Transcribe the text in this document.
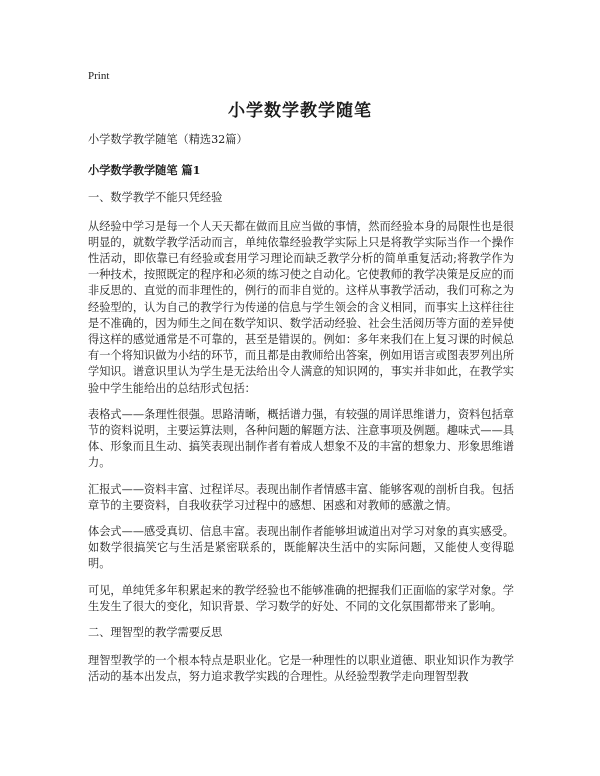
Print
小学数学教学随笔

小学数学教学随笔（精选32篇）

小学数学教学随笔 篇1

一、数学教学不能只凭经验

从经验中学习是每一个人天天都在做而且应当做的事情，然而经验本身的局限性也是很明显的，就数学教学活动而言，单纯依靠经验教学实际上只是将教学实际当作一个操作性活动，即依靠已有经验或套用学习理论而缺乏教学分析的简单重复活动;将教学作为一种技术，按照既定的程序和必须的练习使之自动化。它使教师的教学决策是反应的而非反思的、直觉的而非理性的，例行的而非自觉的。这样从事教学活动，我们可称之为经验型的，认为自己的教学行为传递的信息与学生领会的含义相同，而事实上这样往往是不准确的，因为师生之间在数学知识、数学活动经验、社会生活阅历等方面的差异使得这样的感觉通常是不可靠的，甚至是错误的。例如：多年来我们在上复习课的时候总有一个将知识做为小结的环节，而且都是由教师给出答案，例如用语言或图表罗列出所学知识。谱意识里认为学生是无法给出令人满意的知识网的，事实并非如此，在教学实验中学生能给出的总结形式包括：

表格式——条理性很强。思路清晰，概括谱力强，有较强的周详思维谱力，资料包括章节的资料说明，主要运算法则，各种问题的解题方法、注意事项及例题。趣味式——具体、形象而且生动、搞笑表现出制作者有着成人想象不及的丰富的想象力、形象思维谱力。

汇报式——资料丰富、过程详尽。表现出制作者情感丰富、能够客观的剖析自我。包括章节的主要资料，自我收获学习过程中的感想、困惑和对教师的感激之情。

体会式——感受真切、信息丰富。表现出制作者能够坦诚道出对学习对象的真实感受。如数学很搞笑它与生活是紧密联系的，既能解决生活中的实际问题，又能使人变得聪明。

可见，单纯凭多年积累起来的教学经验也不能够准确的把握我们正面临的家学对象。学生发生了很大的变化，知识背景、学习数学的好处、不同的文化氛围都带来了影响。

二、理智型的教学需要反思

理智型教学的一个根本特点是职业化。它是一种理性的以职业道德、职业知识作为教学活动的基本出发点，努力追求教学实践的合理性。从经验型教学走向理智型教
